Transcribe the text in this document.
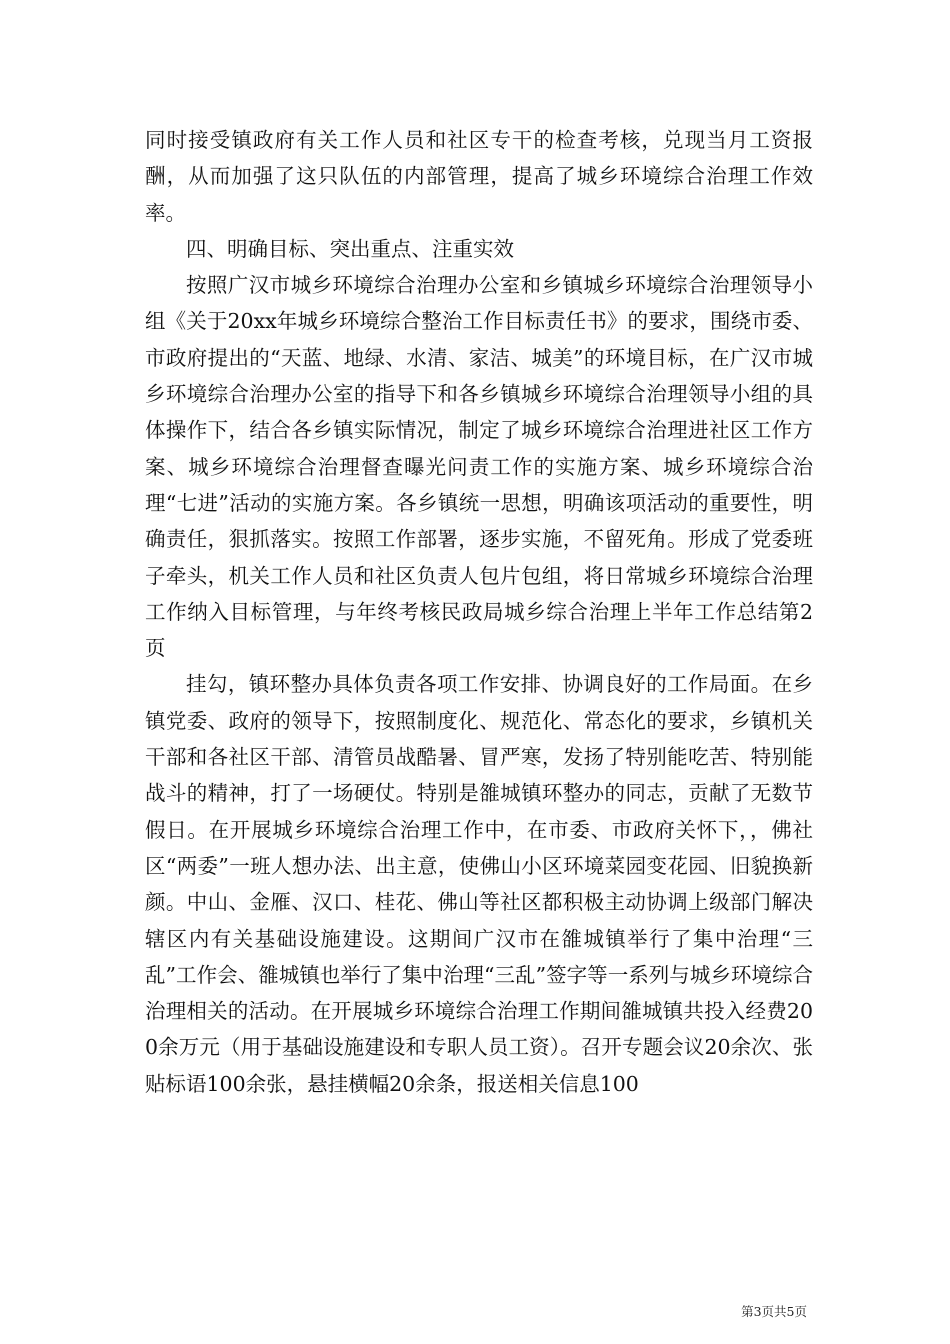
同时接受镇政府有关工作人员和社区专干的检查考核，兑现当月工资报酬，从而加强了这只队伍的内部管理，提高了城乡环境综合治理工作效率。

四、明确目标、突出重点、注重实效

按照广汉市城乡环境综合治理办公室和乡镇城乡环境综合治理领导小组《关于20xx年城乡环境综合整治工作目标责任书》的要求，围绕市委、市政府提出的“天蓝、地绿、水清、家洁、城美”的环境目标，在广汉市城乡环境综合治理办公室的指导下和各乡镇城乡环境综合治理领导小组的具体操作下，结合各乡镇实际情况，制定了城乡环境综合治理进社区工作方案、城乡环境综合治理督查曝光问责工作的实施方案、城乡环境综合治理“七进”活动的实施方案。各乡镇统一思想，明确该项活动的重要性，明确责任，狠抓落实。按照工作部署，逐步实施，不留死角。形成了党委班子牵头，机关工作人员和社区负责人包片包组，将日常城乡环境综合治理工作纳入目标管理，与年终考核民政局城乡综合治理上半年工作总结第2页

挂勾，镇环整办具体负责各项工作安排、协调良好的工作局面。在乡镇党委、政府的领导下，按照制度化、规范化、常态化的要求，乡镇机关干部和各社区干部、清管员战酷暑、冒严寒，发扬了特别能吃苦、特别能战斗的精神，打了一场硬仗。特别是雒城镇环整办的同志，贡献了无数节假日。在开展城乡环境综合治理工作中，在市委、市政府关怀下，，佛社区“两委”一班人想办法、出主意，使佛山小区环境菜园变花园、旧貌换新颜。中山、金雁、汉口、桂花、佛山等社区都积极主动协调上级部门解决辖区内有关基础设施建设。这期间广汉市在雒城镇举行了集中治理“三乱”工作会、雒城镇也举行了集中治理“三乱”签字等一系列与城乡环境综合治理相关的活动。在开展城乡环境综合治理工作期间雒城镇共投入经费200余万元（用于基础设施建设和专职人员工资）。召开专题会议20余次、张贴标语100余张，悬挂横幅20余条，报送相关信息100

第3页共5页
